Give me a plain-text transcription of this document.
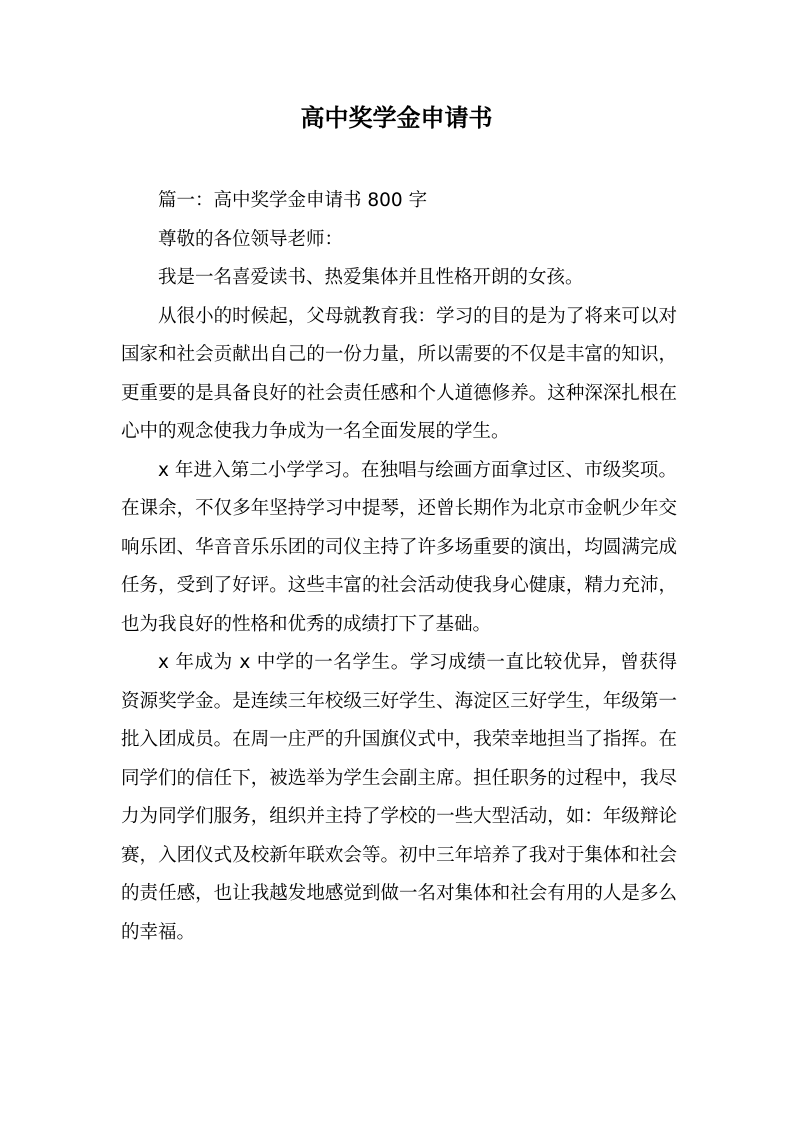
高中奖学金申请书

篇一：高中奖学金申请书 800 字

尊敬的各位领导老师：

我是一名喜爱读书、热爱集体并且性格开朗的女孩。

从很小的时候起，父母就教育我：学习的目的是为了将来可以对国家和社会贡献出自己的一份力量，所以需要的不仅是丰富的知识，更重要的是具备良好的社会责任感和个人道德修养。这种深深扎根在心中的观念使我力争成为一名全面发展的学生。

x 年进入第二小学学习。在独唱与绘画方面拿过区、市级奖项。在课余，不仅多年坚持学习中提琴，还曾长期作为北京市金帆少年交响乐团、华音音乐乐团的司仪主持了许多场重要的演出，均圆满完成任务，受到了好评。这些丰富的社会活动使我身心健康，精力充沛，也为我良好的性格和优秀的成绩打下了基础。

x 年成为 x 中学的一名学生。学习成绩一直比较优异，曾获得资源奖学金。是连续三年校级三好学生、海淀区三好学生，年级第一批入团成员。在周一庄严的升国旗仪式中，我荣幸地担当了指挥。在同学们的信任下，被选举为学生会副主席。担任职务的过程中，我尽力为同学们服务，组织并主持了学校的一些大型活动，如：年级辩论赛，入团仪式及校新年联欢会等。初中三年培养了我对于集体和社会的责任感，也让我越发地感觉到做一名对集体和社会有用的人是多么的幸福。
